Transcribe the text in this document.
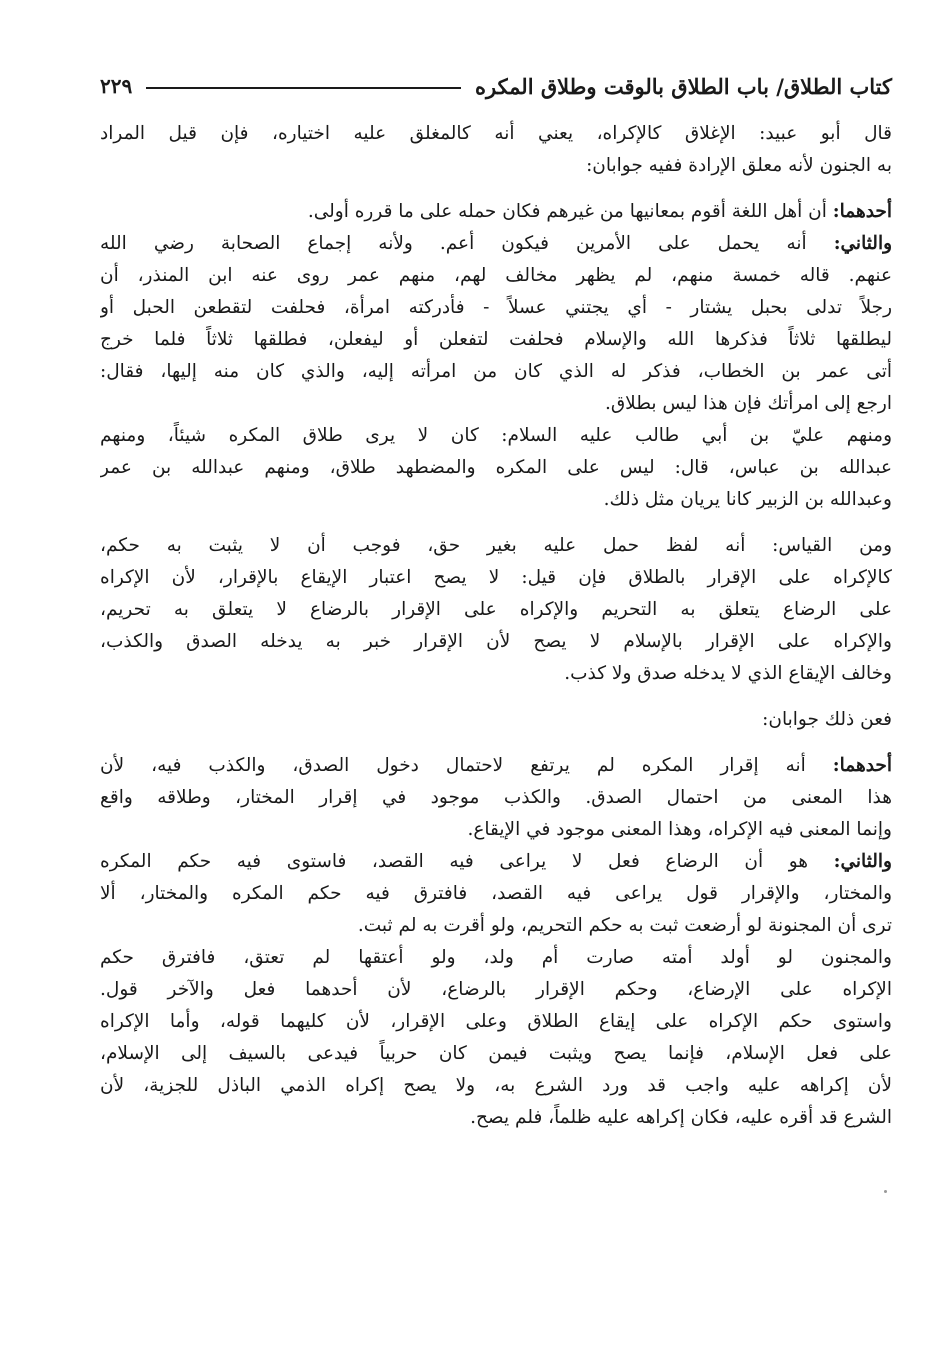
كتاب الطلاق/ باب الطلاق بالوقت وطلاق المكره
٢٢٩
قال أبو عبيد: الإغلاق كالإكراه، يعني أنه كالمغلق عليه اختياره، فإن قيل المراد
به الجنون لأنه معلق الإرادة ففيه جوابان:
أحدهما: أن أهل اللغة أقوم بمعانيها من غيرهم فكان حمله على ما قرره أولى.
والثاني: أنه يحمل على الأمرين فيكون أعم. ولأنه إجماع الصحابة رضي الله
عنهم. قاله خمسة منهم، لم يظهر مخالف لهم، منهم عمر روى عنه ابن المنذر، أن
رجلاً تدلى بحبل يشتار - أي يجتني عسلاً - فأدركته امرأة، فحلفت لتقطعن الحبل أو
ليطلقها ثلاثاً فذكرها الله والإسلام فحلفت لتفعلن أو ليفعلن، فطلقها ثلاثاً فلما خرج
أتى عمر بن الخطاب، فذكر له الذي كان من امرأته إليه، والذي كان منه إليها، فقال:
ارجع إلى امرأتك فإن هذا ليس بطلاق.
ومنهم عليّ بن أبي طالب عليه السلام: كان لا يرى طلاق المكره شيئاً، ومنهم
عبدالله بن عباس، قال: ليس على المكره والمضطهد طلاق، ومنهم عبدالله بن عمر
وعبدالله بن الزبير كانا يريان مثل ذلك.
ومن القياس: أنه لفظ حمل عليه بغير حق، فوجب أن لا يثبت به حكم،
كالإكراه على الإقرار بالطلاق فإن قيل: لا يصح اعتبار الإيقاع بالإقرار، لأن الإكراه
على الرضاع يتعلق به التحريم والإكراه على الإقرار بالرضاع لا يتعلق به تحريم،
والإكراه على الإقرار بالإسلام لا يصح لأن الإقرار خبر به يدخله الصدق والكذب،
وخالف الإيقاع الذي لا يدخله صدق ولا كذب.
فعن ذلك جوابان:
أحدهما: أنه إقرار المكره لم يرتفع لاحتمال دخول الصدق، والكذب فيه، لأن
هذا المعنى من احتمال الصدق. والكذب موجود في إقرار المختار، وطلاقه واقع
وإنما المعنى فيه الإكراه، وهذا المعنى موجود في الإيقاع.
والثاني: هو أن الرضاع فعل لا يراعى فيه القصد، فاستوى فيه حكم المكره
والمختار، والإقرار قول يراعى فيه القصد، فافترق فيه حكم المكره والمختار، ألا
ترى أن المجنونة لو أرضعت ثبت به حكم التحريم، ولو أقرت به لم ثبت.
والمجنون لو أولد أمته صارت أم ولد، ولو أعتقها لم تعتق، فافترق حكم
الإكراه على الإرضاع، وحكم الإقرار بالرضاع، لأن أحدهما فعل والآخر قول.
واستوى حكم الإكراه على إيقاع الطلاق وعلى الإقرار، لأن كليهما قوله، وأما الإكراه
على فعل الإسلام، فإنما يصح ويثبت فيمن كان حربياً فيدعى بالسيف إلى الإسلام،
لأن إكراهه عليه واجب قد ورد الشرع به، ولا يصح إكراه الذمي الباذل للجزية، لأن
الشرع قد أقره عليه، فكان إكراهه عليه ظلماً، فلم يصح.
